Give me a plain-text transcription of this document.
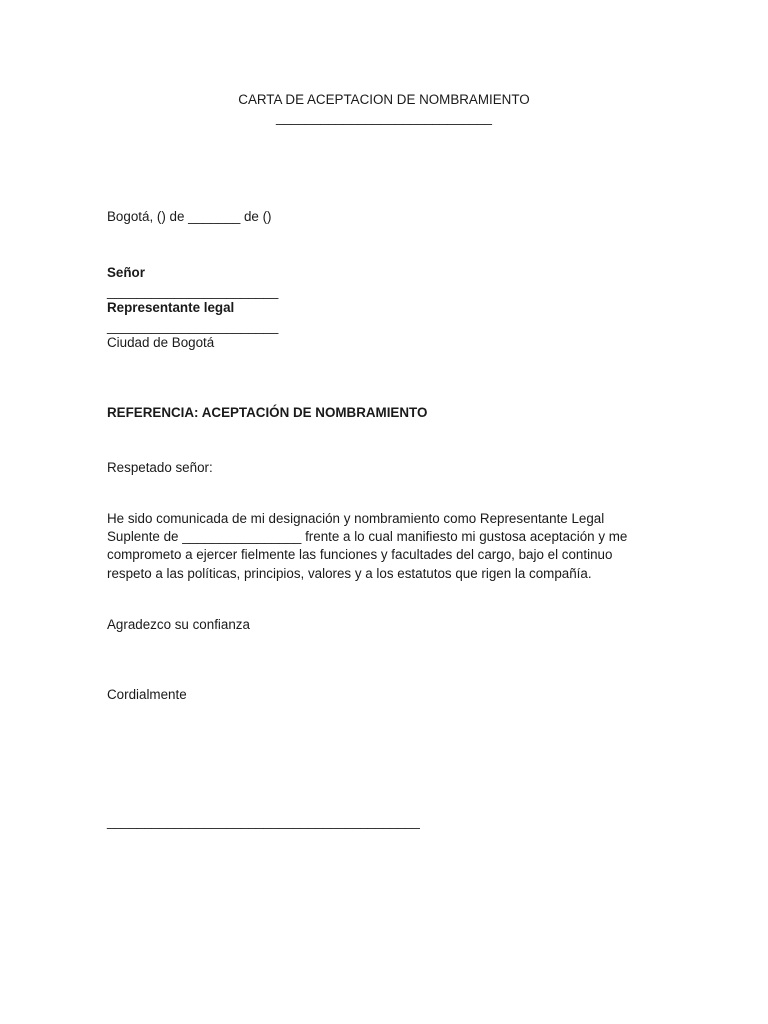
CARTA DE ACEPTACION DE NOMBRAMIENTO
_____________________________
Bogotá, () de _______ de ()
Señor
_______________________
Representante legal
_______________________
Ciudad de Bogotá
REFERENCIA: ACEPTACIÓN DE NOMBRAMIENTO
Respetado señor:
He sido comunicada de mi designación y nombramiento como Representante Legal
Suplente de ________________ frente a lo cual manifiesto mi gustosa aceptación y me
comprometo a ejercer fielmente las funciones y facultades del cargo, bajo el continuo
respeto a las políticas, principios, valores y a los estatutos que rigen la compañía.
Agradezco su confianza
Cordialmente
__________________________________________
